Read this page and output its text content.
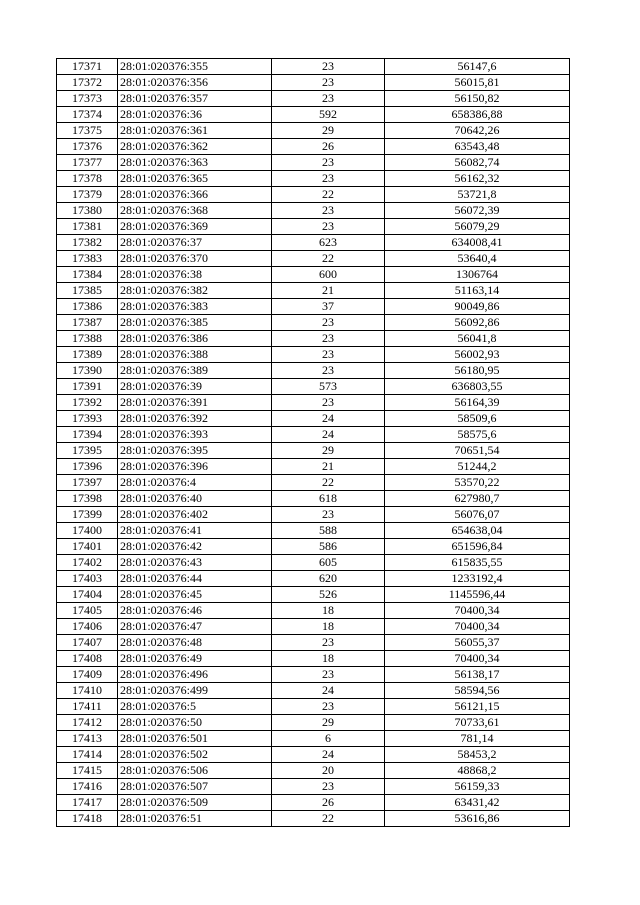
17371	28:01:020376:355	23	56147,6
17372	28:01:020376:356	23	56015,81
17373	28:01:020376:357	23	56150,82
17374	28:01:020376:36	592	658386,88
17375	28:01:020376:361	29	70642,26
17376	28:01:020376:362	26	63543,48
17377	28:01:020376:363	23	56082,74
17378	28:01:020376:365	23	56162,32
17379	28:01:020376:366	22	53721,8
17380	28:01:020376:368	23	56072,39
17381	28:01:020376:369	23	56079,29
17382	28:01:020376:37	623	634008,41
17383	28:01:020376:370	22	53640,4
17384	28:01:020376:38	600	1306764
17385	28:01:020376:382	21	51163,14
17386	28:01:020376:383	37	90049,86
17387	28:01:020376:385	23	56092,86
17388	28:01:020376:386	23	56041,8
17389	28:01:020376:388	23	56002,93
17390	28:01:020376:389	23	56180,95
17391	28:01:020376:39	573	636803,55
17392	28:01:020376:391	23	56164,39
17393	28:01:020376:392	24	58509,6
17394	28:01:020376:393	24	58575,6
17395	28:01:020376:395	29	70651,54
17396	28:01:020376:396	21	51244,2
17397	28:01:020376:4	22	53570,22
17398	28:01:020376:40	618	627980,7
17399	28:01:020376:402	23	56076,07
17400	28:01:020376:41	588	654638,04
17401	28:01:020376:42	586	651596,84
17402	28:01:020376:43	605	615835,55
17403	28:01:020376:44	620	1233192,4
17404	28:01:020376:45	526	1145596,44
17405	28:01:020376:46	18	70400,34
17406	28:01:020376:47	18	70400,34
17407	28:01:020376:48	23	56055,37
17408	28:01:020376:49	18	70400,34
17409	28:01:020376:496	23	56138,17
17410	28:01:020376:499	24	58594,56
17411	28:01:020376:5	23	56121,15
17412	28:01:020376:50	29	70733,61
17413	28:01:020376:501	6	781,14
17414	28:01:020376:502	24	58453,2
17415	28:01:020376:506	20	48868,2
17416	28:01:020376:507	23	56159,33
17417	28:01:020376:509	26	63431,42
17418	28:01:020376:51	22	53616,86
